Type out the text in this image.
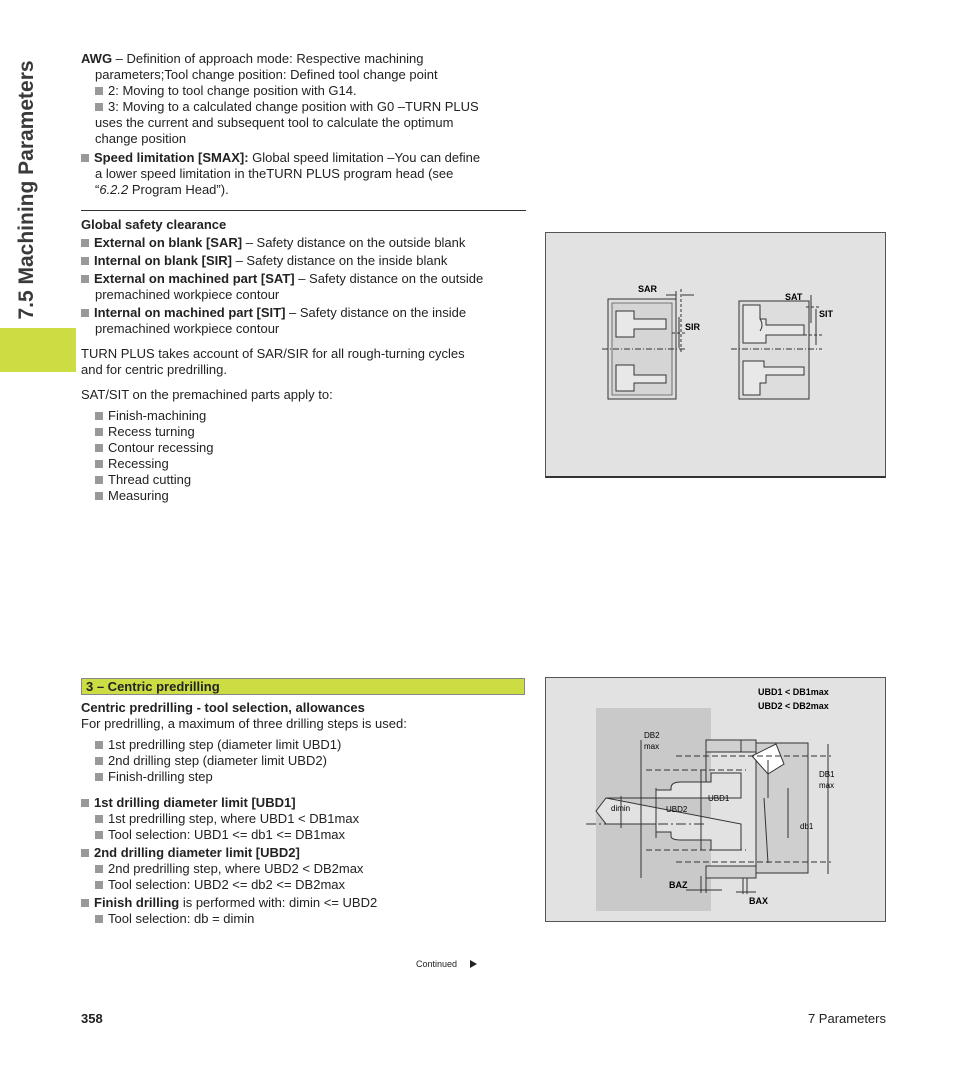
7.5 Machining Parameters

AWG – Definition of approach mode: Respective machining

parameters;Tool change position: Defined tool change point

2: Moving to tool change position with G14.

3: Moving to a calculated change position with G0 –TURN PLUS

uses the current and subsequent tool to calculate the optimum

change position

Speed limitation [SMAX]: Global speed limitation –You can define

a lower speed limitation in theTURN PLUS program head (see

“6.2.2 Program Head”).

Global safety clearance

External on blank [SAR] – Safety distance on the outside blank

Internal on blank [SIR] – Safety distance on the inside blank

External on machined part [SAT] – Safety distance on the outside

premachined workpiece contour

Internal on machined part [SIT] – Safety distance on the inside

premachined workpiece contour

TURN PLUS takes account of SAR/SIR for all rough-turning cycles

and for centric predrilling.

SAT/SIT on the premachined parts apply to:

Finish-machining

Recess turning

Contour recessing

Recessing

Thread cutting

Measuring

SAR
SIR
SAT
SIT
3 – Centric predrilling

Centric predrilling - tool selection, allowances

For predrilling, a maximum of three drilling steps is used:

1st predrilling step (diameter limit UBD1)

2nd drilling step (diameter limit UBD2)

Finish-drilling step

1st drilling diameter limit [UBD1]

1st predrilling step, where UBD1 < DB1max

Tool selection: UBD1 <= db1 <= DB1max

2nd drilling diameter limit [UBD2]

2nd predrilling step, where UBD2 < DB2max

Tool selection: UBD2 <= db2 <= DB2max

Finish drilling is performed with: dimin <= UBD2

Tool selection: db = dimin

UBD1 < DB1max
UBD2 < DB2max
DB2
max
DB1
max
dimin	UBD2
UBD1
db1
BAZ
BAX
Continued
358	7 Parameters
